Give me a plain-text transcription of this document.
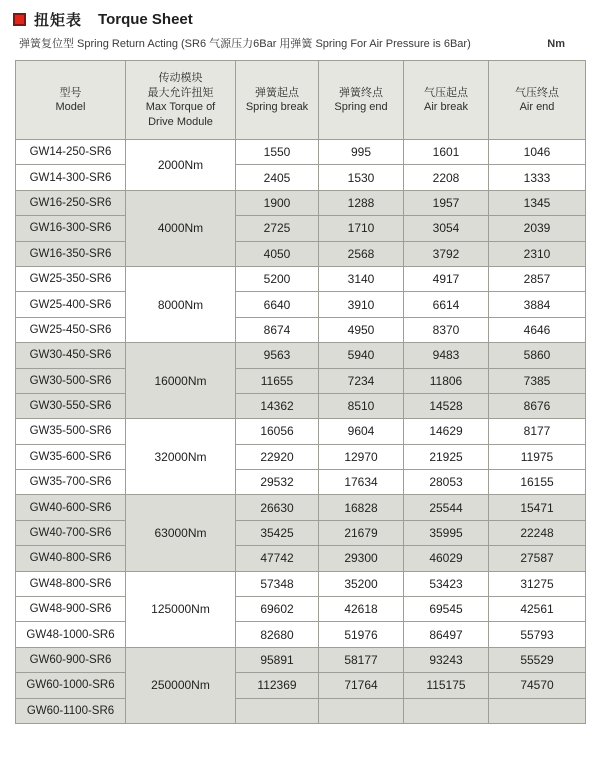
扭矩表 Torque Sheet
弹簧复位型 Spring Return Acting (SR6 气源压力6Bar 用弹簧 Spring For Air Pressure is 6Bar)	Nm
型号
Model

传动模块
最大允许扭矩
Max Torque of
Drive Module

弹簧起点
Spring break

弹簧终点
Spring end

气压起点
Air break

气压终点
Air end

GW14-250-SR6	2000Nm	1550	995	1601	1046
GW14-300-SR6		2405	1530	2208	1333
GW16-250-SR6	4000Nm	1900	1288	1957	1345
GW16-300-SR6		2725	1710	3054	2039
GW16-350-SR6		4050	2568	3792	2310
GW25-350-SR6	8000Nm	5200	3140	4917	2857
GW25-400-SR6		6640	3910	6614	3884
GW25-450-SR6		8674	4950	8370	4646
GW30-450-SR6	16000Nm	9563	5940	9483	5860
GW30-500-SR6		11655	7234	11806	7385
GW30-550-SR6		14362	8510	14528	8676
GW35-500-SR6	32000Nm	16056	9604	14629	8177
GW35-600-SR6		22920	12970	21925	11975
GW35-700-SR6		29532	17634	28053	16155
GW40-600-SR6	63000Nm	26630	16828	25544	15471
GW40-700-SR6		35425	21679	35995	22248
GW40-800-SR6		47742	29300	46029	27587
GW48-800-SR6	125000Nm	57348	35200	53423	31275
GW48-900-SR6		69602	42618	69545	42561
GW48-1000-SR6		82680	51976	86497	55793
GW60-900-SR6	250000Nm	95891	58177	93243	55529
GW60-1000-SR6		112369	71764	115175	74570
GW60-1100-SR6					
